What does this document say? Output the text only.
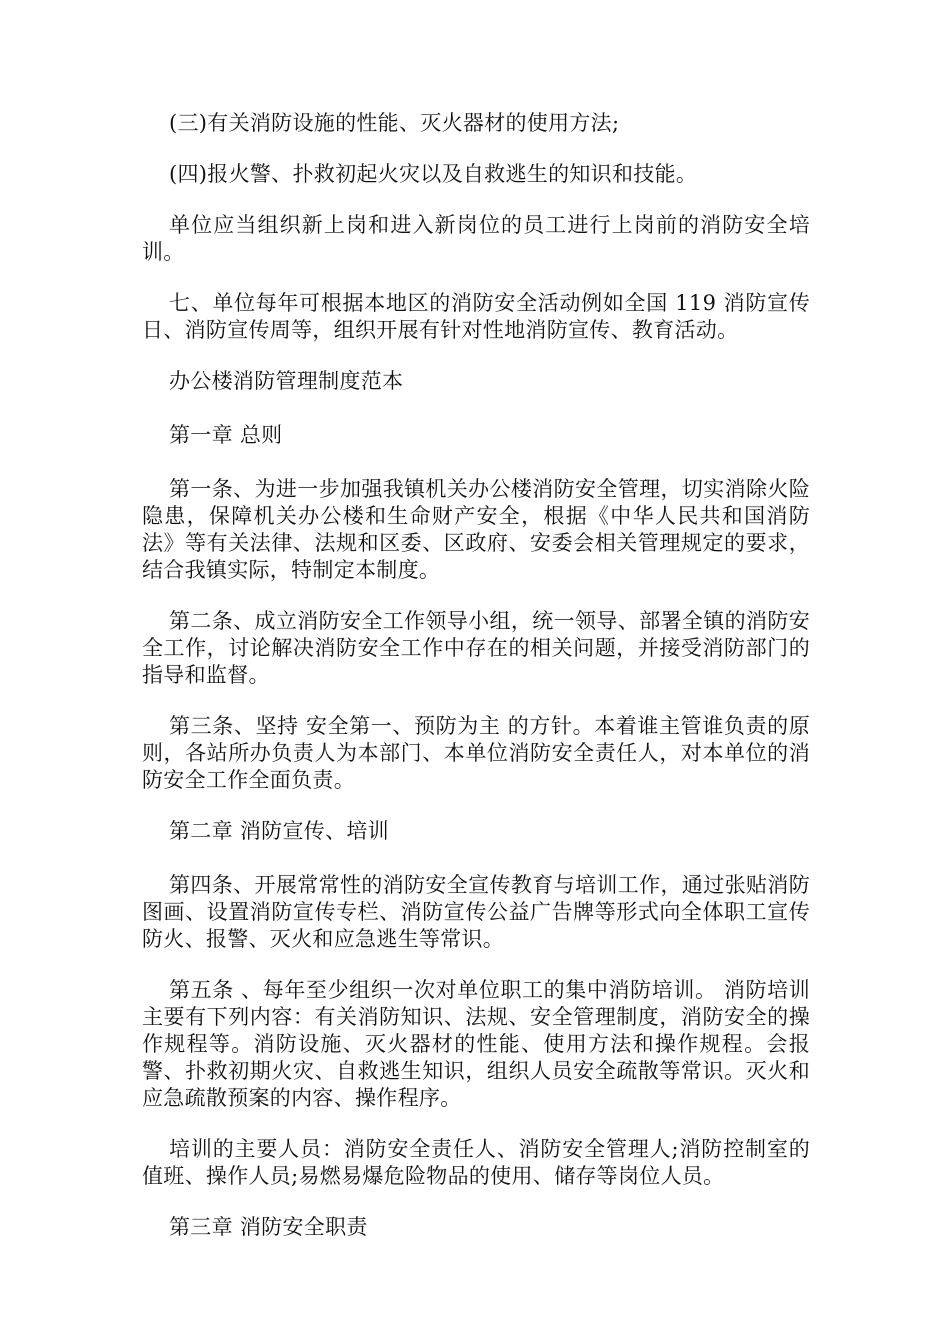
(三)有关消防设施的性能、灭火器材的使用方法;

(四)报火警、扑救初起火灾以及自救逃生的知识和技能。

单位应当组织新上岗和进入新岗位的员工进行上岗前的消防安全培训。

七、单位每年可根据本地区的消防安全活动例如全国 119 消防宣传日、消防宣传周等，组织开展有针对性地消防宣传、教育活动。

办公楼消防管理制度范本

第一章 总则

第一条、为进一步加强我镇机关办公楼消防安全管理，切实消除火险隐患，保障机关办公楼和生命财产安全，根据《中华人民共和国消防法》等有关法律、法规和区委、区政府、安委会相关管理规定的要求，结合我镇实际，特制定本制度。

第二条、成立消防安全工作领导小组，统一领导、部署全镇的消防安全工作，讨论解决消防安全工作中存在的相关问题，并接受消防部门的指导和监督。

第三条、坚持 安全第一、预防为主 的方针。本着谁主管谁负责的原则，各站所办负责人为本部门、本单位消防安全责任人，对本单位的消防安全工作全面负责。

第二章 消防宣传、培训

第四条、开展常常性的消防安全宣传教育与培训工作，通过张贴消防图画、设置消防宣传专栏、消防宣传公益广告牌等形式向全体职工宣传防火、报警、灭火和应急逃生等常识。

第五条 、每年至少组织一次对单位职工的集中消防培训。 消防培训主要有下列内容：有关消防知识、法规、安全管理制度，消防安全的操作规程等。消防设施、灭火器材的性能、使用方法和操作规程。会报警、扑救初期火灾、自救逃生知识，组织人员安全疏散等常识。灭火和应急疏散预案的内容、操作程序。

培训的主要人员：消防安全责任人、消防安全管理人;消防控制室的值班、操作人员;易燃易爆危险物品的使用、储存等岗位人员。

第三章 消防安全职责
